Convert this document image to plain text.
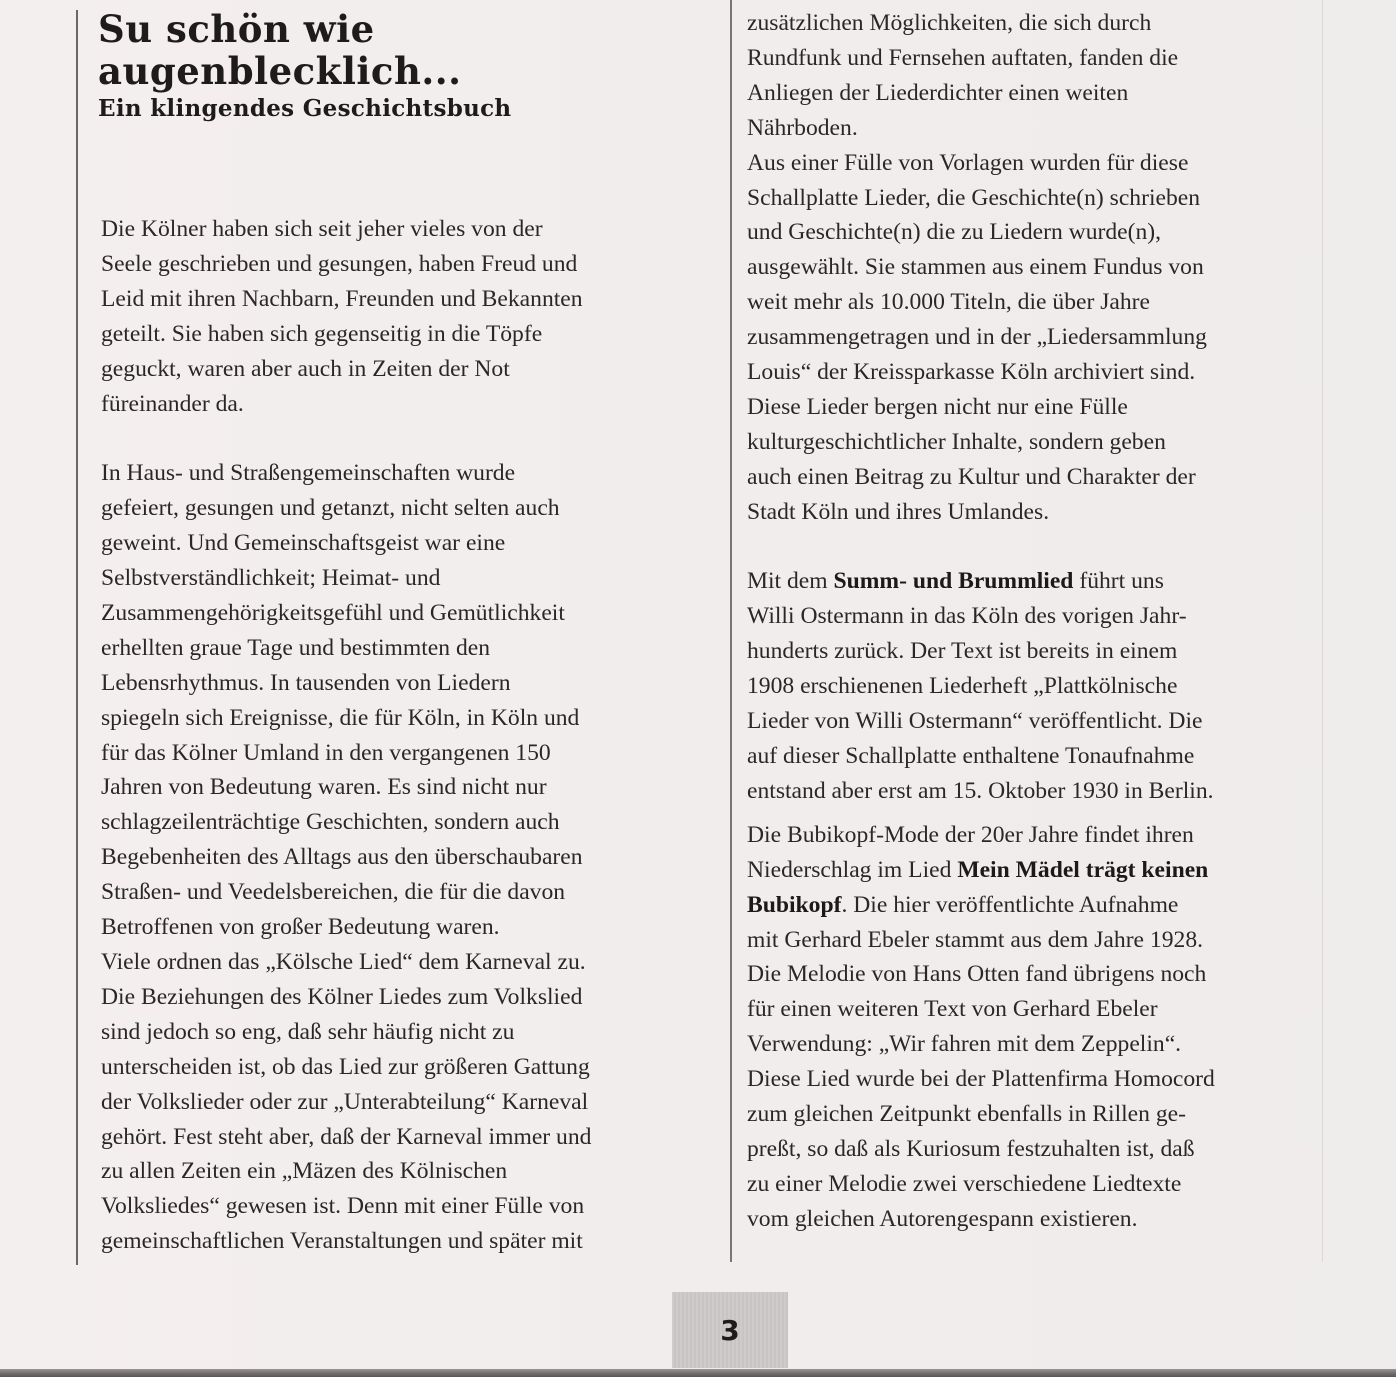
Su schön wie
augenblecklich...
Ein klingendes Geschichtsbuch
Die Kölner haben sich seit jeher vieles von der
Seele geschrieben und gesungen, haben Freud und
Leid mit ihren Nachbarn, Freunden und Bekannten
geteilt. Sie haben sich gegenseitig in die Töpfe
geguckt, waren aber auch in Zeiten der Not
füreinander da.
In Haus- und Straßengemeinschaften wurde
gefeiert, gesungen und getanzt, nicht selten auch
geweint. Und Gemeinschaftsgeist war eine
Selbstverständlichkeit; Heimat- und
Zusammengehörigkeitsgefühl und Gemütlichkeit
erhellten graue Tage und bestimmten den
Lebensrhythmus. In tausenden von Liedern
spiegeln sich Ereignisse, die für Köln, in Köln und
für das Kölner Umland in den vergangenen 150
Jahren von Bedeutung waren. Es sind nicht nur
schlagzeilenträchtige Geschichten, sondern auch
Begebenheiten des Alltags aus den überschaubaren
Straßen- und Veedelsbereichen, die für die davon
Betroffenen von großer Bedeutung waren.
Viele ordnen das „Kölsche Lied“ dem Karneval zu.
Die Beziehungen des Kölner Liedes zum Volkslied
sind jedoch so eng, daß sehr häufig nicht zu
unterscheiden ist, ob das Lied zur größeren Gattung
der Volkslieder oder zur „Unterabteilung“ Karneval
gehört. Fest steht aber, daß der Karneval immer und
zu allen Zeiten ein „Mäzen des Kölnischen
Volksliedes“ gewesen ist. Denn mit einer Fülle von
gemeinschaftlichen Veranstaltungen und später mit
zusätzlichen Möglichkeiten, die sich durch
Rundfunk und Fernsehen auftaten, fanden die
Anliegen der Liederdichter einen weiten
Nährboden.
Aus einer Fülle von Vorlagen wurden für diese
Schallplatte Lieder, die Geschichte(n) schrieben
und Geschichte(n) die zu Liedern wurde(n),
ausgewählt. Sie stammen aus einem Fundus von
weit mehr als 10.000 Titeln, die über Jahre
zusammengetragen und in der „Liedersammlung
Louis“ der Kreissparkasse Köln archiviert sind.
Diese Lieder bergen nicht nur eine Fülle
kulturgeschichtlicher Inhalte, sondern geben
auch einen Beitrag zu Kultur und Charakter der
Stadt Köln und ihres Umlandes.
Mit dem Summ- und Brummlied führt uns
Willi Ostermann in das Köln des vorigen Jahr-
hunderts zurück. Der Text ist bereits in einem
1908 erschienenen Liederheft „Plattkölnische
Lieder von Willi Ostermann“ veröffentlicht. Die
auf dieser Schallplatte enthaltene Tonaufnahme
entstand aber erst am 15. Oktober 1930 in Berlin.
Die Bubikopf-Mode der 20er Jahre findet ihren
Niederschlag im Lied Mein Mädel trägt keinen
Bubikopf. Die hier veröffentlichte Aufnahme
mit Gerhard Ebeler stammt aus dem Jahre 1928.
Die Melodie von Hans Otten fand übrigens noch
für einen weiteren Text von Gerhard Ebeler
Verwendung: „Wir fahren mit dem Zeppelin“.
Diese Lied wurde bei der Plattenfirma Homocord
zum gleichen Zeitpunkt ebenfalls in Rillen ge-
preßt, so daß als Kuriosum festzuhalten ist, daß
zu einer Melodie zwei verschiedene Liedtexte
vom gleichen Autorengespann existieren.
3
